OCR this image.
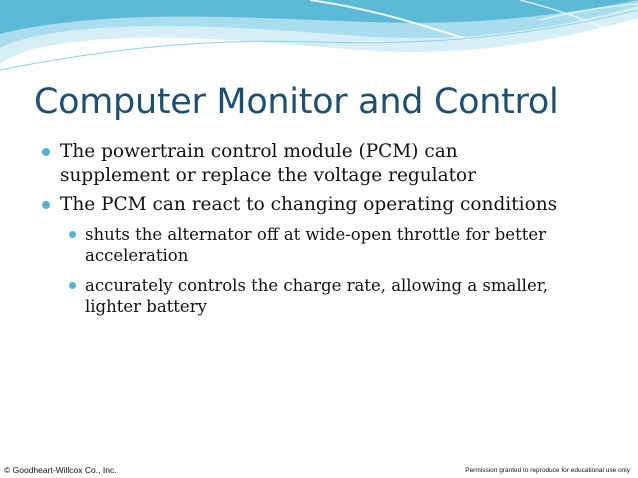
Computer Monitor and Control
The powertrain control module (PCM) can
supplement or replace the voltage regulator
The PCM can react to changing operating conditions
shuts the alternator off at wide-open throttle for better
acceleration
accurately controls the charge rate, allowing a smaller,
lighter battery
© Goodheart-Willcox Co., Inc.	Permission granted to reproduce for educational use only
